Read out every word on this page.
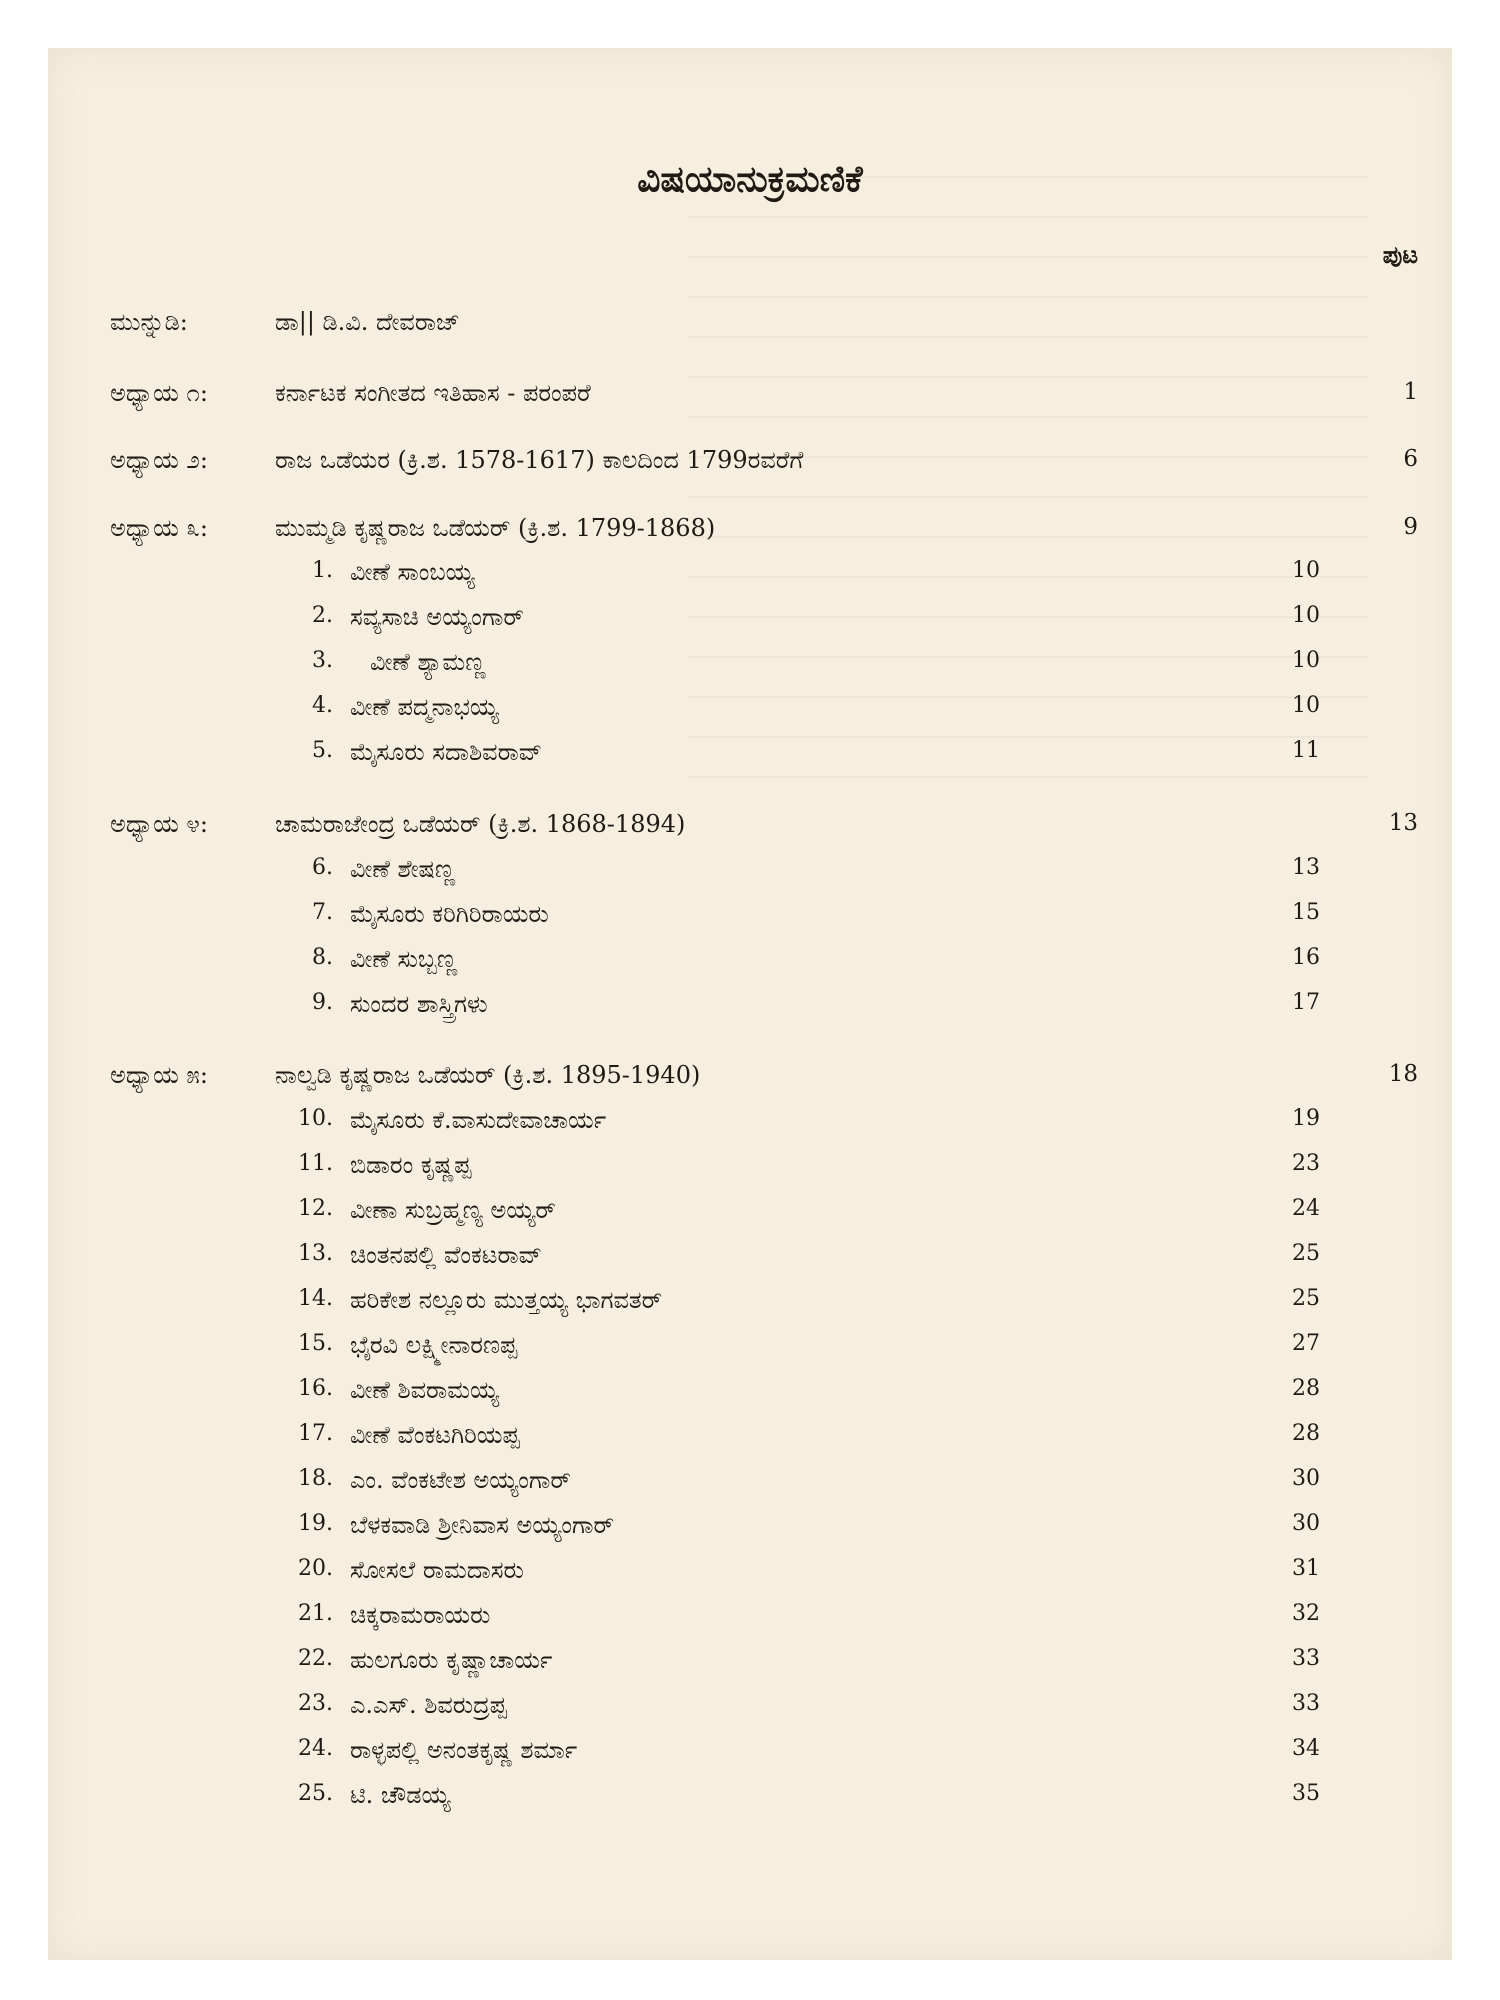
ವಿಷಯಾನುಕ್ರಮಣಿಕೆ
ಪುಟ
ಮುನ್ನುಡಿ:	ಡಾ|| ಡಿ.ವಿ. ದೇವರಾಜ್
ಅಧ್ಯಾಯ ೧:	ಕರ್ನಾಟಕ ಸಂಗೀತದ ಇತಿಹಾಸ - ಪರಂಪರೆ	1
ಅಧ್ಯಾಯ ೨:	ರಾಜ ಒಡೆಯರ (ಕ್ರಿ.ಶ. 1578-1617) ಕಾಲದಿಂದ 1799ರವರೆಗೆ	6
ಅಧ್ಯಾಯ ೩:	ಮುಮ್ಮಡಿ ಕೃಷ್ಣರಾಜ ಒಡೆಯರ್ (ಕ್ರಿ.ಶ. 1799-1868)	9
1. ವೀಣೆ ಸಾಂಬಯ್ಯ	10
2. ಸವ್ಯಸಾಚಿ ಅಯ್ಯಂಗಾರ್	10
3. ವೀಣೆ ಶ್ಯಾಮಣ್ಣ	10
4. ವೀಣೆ ಪದ್ಮನಾಭಯ್ಯ	10
5. ಮೈಸೂರು ಸದಾಶಿವರಾವ್	11
ಅಧ್ಯಾಯ ೪:	ಚಾಮರಾಜೇಂದ್ರ ಒಡೆಯರ್ (ಕ್ರಿ.ಶ. 1868-1894)	13
6. ವೀಣೆ ಶೇಷಣ್ಣ	13
7. ಮೈಸೂರು ಕರಿಗಿರಿರಾಯರು	15
8. ವೀಣೆ ಸುಬ್ಬಣ್ಣ	16
9. ಸುಂದರ ಶಾಸ್ತ್ರಿಗಳು	17
ಅಧ್ಯಾಯ ೫:	ನಾಲ್ವಡಿ ಕೃಷ್ಣರಾಜ ಒಡೆಯರ್ (ಕ್ರಿ.ಶ. 1895-1940)	18
10. ಮೈಸೂರು ಕೆ.ವಾಸುದೇವಾಚಾರ್ಯ	19
11. ಬಿಡಾರಂ ಕೃಷ್ಣಪ್ಪ	23
12. ವೀಣಾ ಸುಬ್ರಹ್ಮಣ್ಯ ಅಯ್ಯರ್	24
13. ಚಿಂತನಪಲ್ಲಿ ವೆಂಕಟರಾವ್	25
14. ಹರಿಕೇಶ ನಲ್ಲೂರು ಮುತ್ತಯ್ಯ ಭಾಗವತರ್	25
15. ಭೈರವಿ ಲಕ್ಷ್ಮೀನಾರಣಪ್ಪ	27
16. ವೀಣೆ ಶಿವರಾಮಯ್ಯ	28
17. ವೀಣೆ ವೆಂಕಟಗಿರಿಯಪ್ಪ	28
18. ಎಂ. ವೆಂಕಟೇಶ ಅಯ್ಯಂಗಾರ್	30
19. ಬೆಳಕವಾಡಿ ಶ್ರೀನಿವಾಸ ಅಯ್ಯಂಗಾರ್	30
20. ಸೋಸಲೆ ರಾಮದಾಸರು	31
21. ಚಿಕ್ಕರಾಮರಾಯರು	32
22. ಹುಲಗೂರು ಕೃಷ್ಣಾಚಾರ್ಯ	33
23. ಎ.ಎಸ್. ಶಿವರುದ್ರಪ್ಪ	33
24. ರಾಳ್ಳಪಲ್ಲಿ ಅನಂತಕೃಷ್ಣ ಶರ್ಮಾ	34
25. ಟಿ. ಚೌಡಯ್ಯ	35
